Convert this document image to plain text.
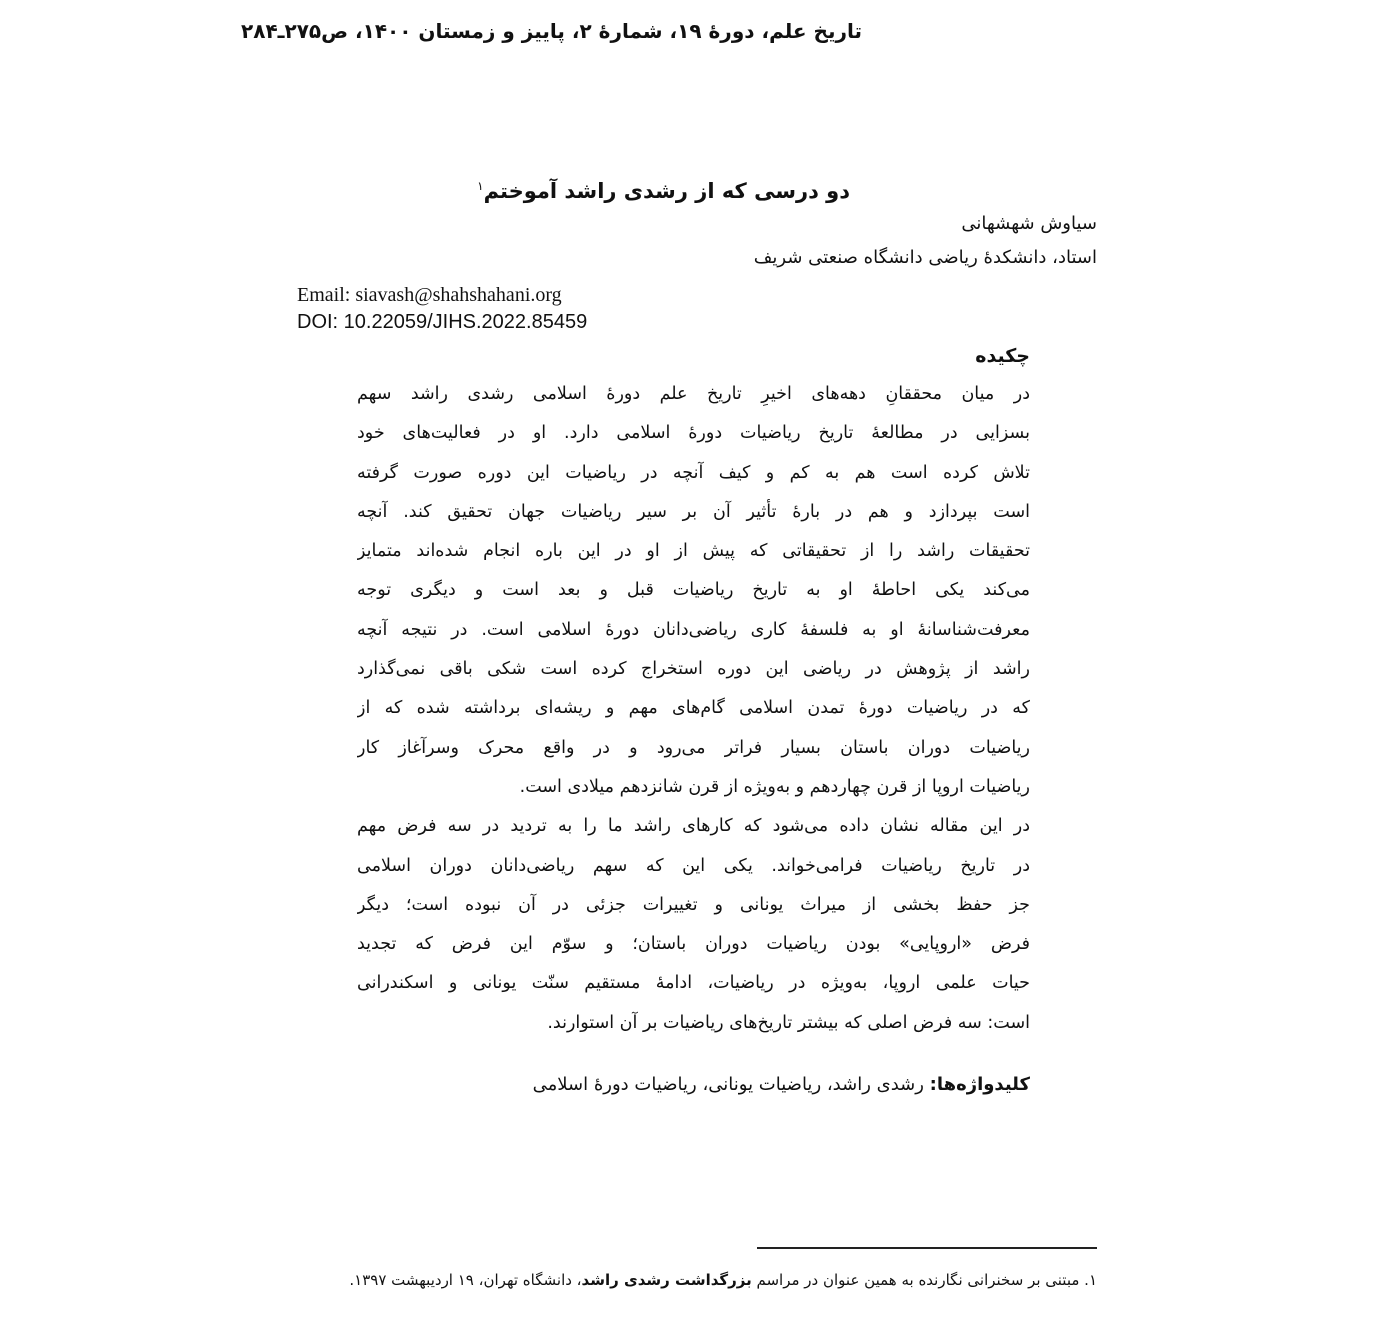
تاریخ علم، دورهٔ ۱۹، شمارهٔ ۲، پاییز و زمستان ۱۴۰۰، ص۲۷۵ـ۲۸۴
دو درسی که از رشدی راشد آموختم$^۱$
سیاوش شهشهانی
استاد، دانشکدهٔ ریاضی دانشگاه صنعتی شریف
Email: siavash@shahshahani.org
DOI: 10.22059/JIHS.2022.85459
چکیده
در میان محققانِ دهه‌های اخیرِ تاریخ علم دورهٔ اسلامی رشدی راشد سهم
بسزایی در مطالعهٔ تاریخ ریاضیات دورهٔ اسلامی دارد. او در فعالیت‌های خود
تلاش کرده است هم به کم و کیف آنچه در ریاضیات این دوره صورت گرفته
است بپردازد و هم در بارهٔ تأثیر آن بر سیر ریاضیات جهان تحقیق کند. آنچه
تحقیقات راشد را از تحقیقاتی که پیش از او در این باره انجام شده‌اند متمایز
می‌کند یکی احاطهٔ او به تاریخ ریاضیات قبل و بعد است و دیگری توجه
معرفت‌شناسانهٔ او به فلسفهٔ کاری ریاضی‌دانان دورهٔ اسلامی است. در نتیجه آنچه
راشد از پژوهش در ریاضی این دوره استخراج کرده است شکی باقی نمی‌گذارد
که در ریاضیات دورهٔ تمدن اسلامی گام‌های مهم و ریشه‌ای برداشته شده که از
ریاضیات دوران باستان بسیار فراتر می‌رود و در واقع محرک وسرآغاز کار
ریاضیات اروپا از قرن چهاردهم و به‌ویژه از قرن شانزدهم میلادی است.
در این مقاله نشان داده می‌شود که کارهای راشد ما را به تردید در سه فرض مهم
در تاریخ ریاضیات فرامی‌خواند. یکی این که سهم ریاضی‌دانان دوران اسلامی
جز حفظ بخشی از میراث یونانی و تغییرات جزئی در آن نبوده است؛ دیگر
فرض «اروپایی» بودن ریاضیات دوران باستان؛ و سوّم این فرض که تجدید
حیات علمی اروپا، به‌ویژه در ریاضیات، ادامهٔ مستقیم سنّت یونانی و اسکندرانی
است: سه فرض اصلی که بیشتر تاریخ‌های ریاضیات بر آن استوارند.
کلیدواژه‌ها: رشدی راشد، ریاضیات یونانی، ریاضیات دورهٔ اسلامی
۱. مبتنی بر سخنرانی نگارنده به همین عنوان در مراسم بزرگداشت رشدی راشد، دانشگاه تهران، ۱۹ اردیبهشت ۱۳۹۷.
